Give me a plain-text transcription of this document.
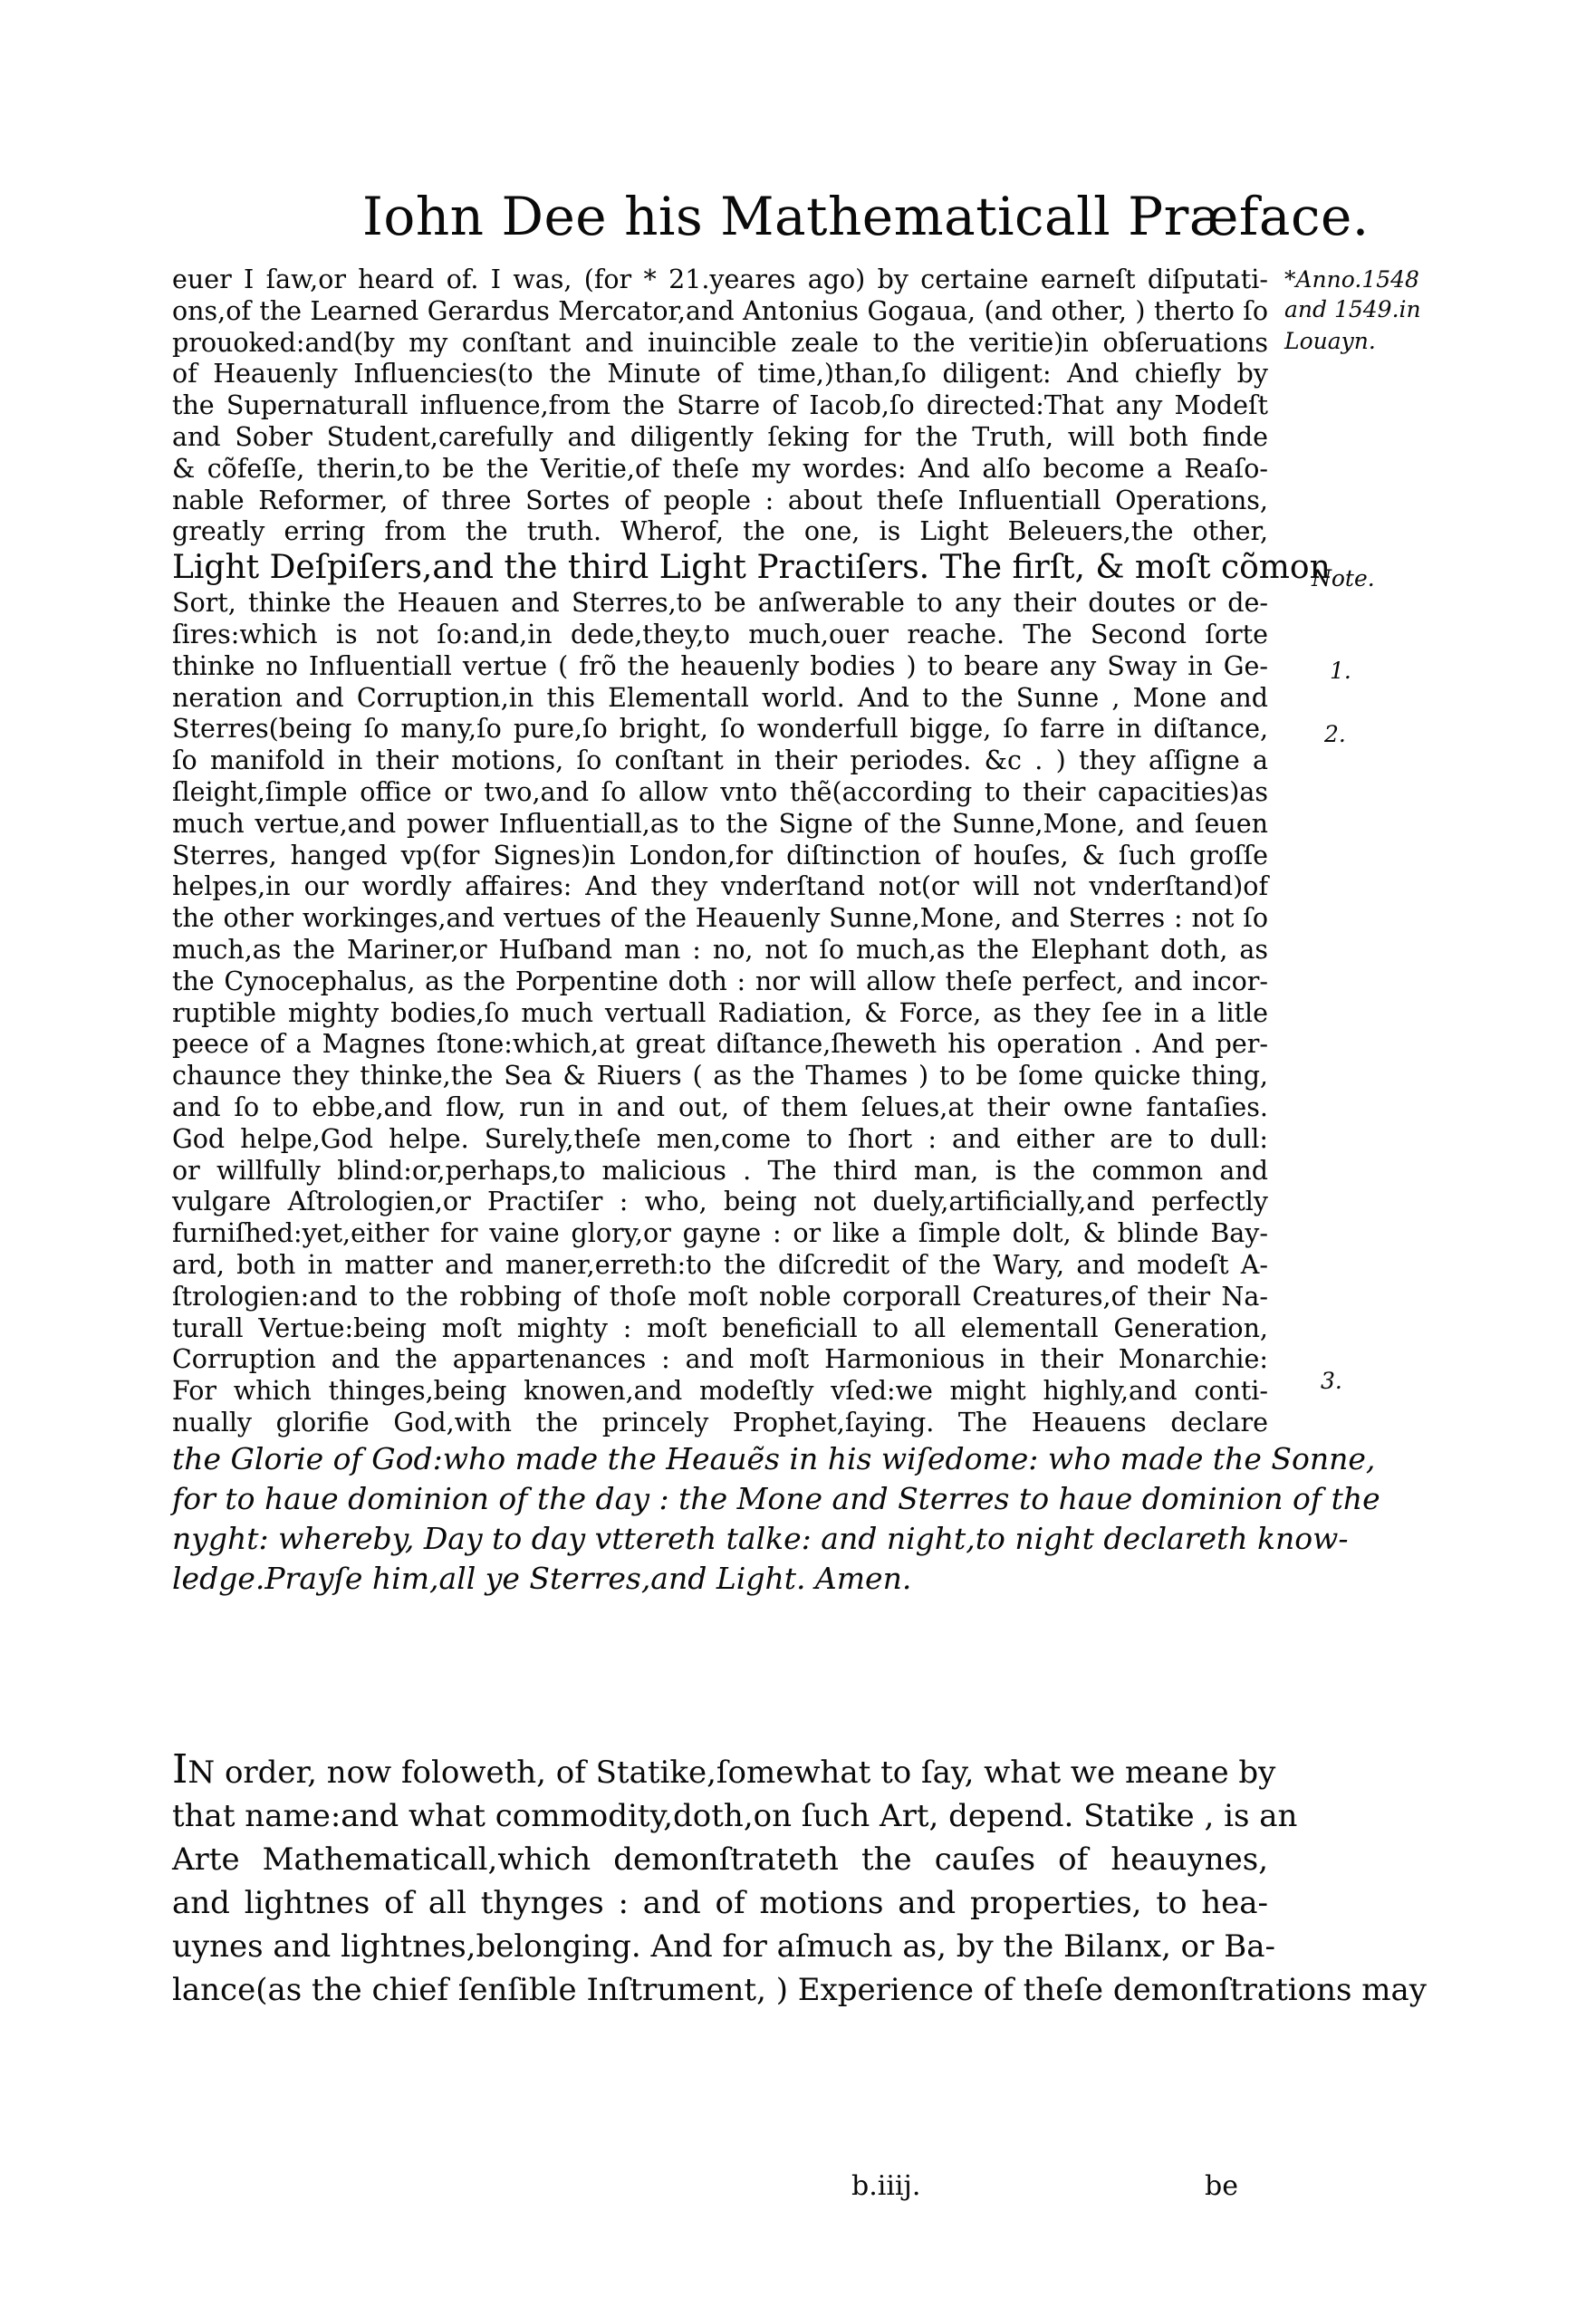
Iohn Dee his Mathematicall Præface.
euer I ſaw,or heard of. I was, (for * 21.yeares ago) by certaine earneſt diſputati-
ons,of the Learned Gerardus Mercator,and Antonius Gogaua, (and other, ) therto ſo
prouoked:and(by my conſtant and inuincible zeale to the veritie)in obſeruations
of Heauenly Influencies(to the Minute of time,)than,ſo diligent: And chiefly by
the Supernaturall influence,from the Starre of Iacob,ſo directed:That any Modeſt
and Sober Student,carefully and diligently ſeking for the Truth, will both finde
& cõfeſſe, therin,to be the Veritie,of theſe my wordes: And alſo become a Reaſo-
nable Reformer, of three Sortes of people : about theſe Influentiall Operations,
greatly erring from the truth. Wherof, the one, is Light Beleuers,the other,
Light Deſpiſers,and the third Light Practiſers. The firſt, & moſt cõmon
Sort, thinke the Heauen and Sterres,to be anſwerable to any their doutes or de-
ſires:which is not ſo:and,in dede,they,to much,ouer reache. The Second ſorte
thinke no Influentiall vertue ( frõ the heauenly bodies ) to beare any Sway in Ge-
neration and Corruption,in this Elementall world. And to the Sunne , Mone and
Sterres(being ſo many,ſo pure,ſo bright, ſo wonderfull bigge, ſo farre in diſtance,
ſo manifold in their motions, ſo conſtant in their periodes. &c . ) they aſſigne a
ſleight,ſimple office or two,and ſo allow vnto thẽ(according to their capacities)as
much vertue,and power Influentiall,as to the Signe of the Sunne,Mone, and ſeuen
Sterres, hanged vp(for Signes)in London,for diſtinction of houſes, & ſuch groſſe
helpes,in our wordly affaires: And they vnderſtand not(or will not vnderſtand)of
the other workinges,and vertues of the Heauenly Sunne,Mone, and Sterres : not ſo
much,as the Mariner,or Huſband man : no, not ſo much,as the Elephant doth, as
the Cynocephalus, as the Porpentine doth : nor will allow theſe perfect, and incor-
ruptible mighty bodies,ſo much vertuall Radiation, & Force, as they ſee in a litle
peece of a Magnes ſtone:which,at great diſtance,ſheweth his operation . And per-
chaunce they thinke,the Sea & Riuers ( as the Thames ) to be ſome quicke thing,
and ſo to ebbe,and flow, run in and out, of them ſelues,at their owne fantaſies.
God helpe,God helpe. Surely,theſe men,come to ſhort : and either are to dull:
or willfully blind:or,perhaps,to malicious . The third man, is the common and
vulgare Aſtrologien,or Practiſer : who, being not duely,artificially,and perfectly
furniſhed:yet,either for vaine glory,or gayne : or like a ſimple dolt, & blinde Bay-
ard, both in matter and maner,erreth:to the diſcredit of the Wary, and modeſt A-
ſtrologien:and to the robbing of thoſe moſt noble corporall Creatures,of their Na-
turall Vertue:being moſt mighty : moſt beneficiall to all elementall Generation,
Corruption and the appartenances : and moſt Harmonious in their Monarchie:
For which thinges,being knowen,and modeſtly vſed:we might highly,and conti-
nually glorifie God,with the princely Prophet,ſaying. The Heauens declare
the Glorie of God:who made the Heauẽs in his wiſedome: who made the Sonne,
for to haue dominion of the day : the Mone and Sterres to haue dominion of the
nyght: whereby, Day to day vttereth talke: and night,to night declareth know-
ledge.Prayſe him,all ye Sterres,and Light. Amen.
IN order, now foloweth, of Statike,ſomewhat to ſay, what we meane by
that name:and what commodity,doth,on ſuch Art, depend. Statike , is an
Arte Mathematicall,which demonſtrateth the cauſes of heauynes,
and lightnes of all thynges : and of motions and properties, to hea-
uynes and lightnes,belonging. And for aſmuch as, by the Bilanx, or Ba-
lance(as the chief ſenſible Inſtrument, ) Experience of theſe demonſtrations may
*Anno.1548
and 1549.in
Louayn.
Note.
1.
2.
3.
b.iiij.	be
